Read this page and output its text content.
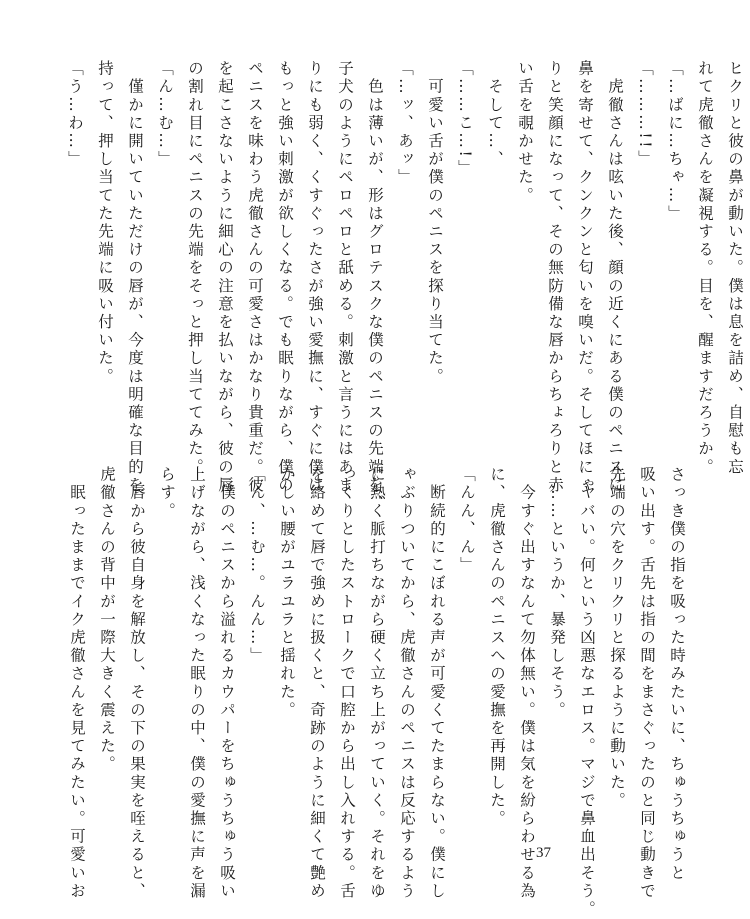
ヒクリと彼の鼻が動いた。僕は息を詰め、自慰も忘
れて虎徹さんを凝視する。目を、醒ますだろうか。
「…ばに…ちゃ…」
「………!!」
　虎徹さんは呟いた後、顔の近くにある僕のペニスに
鼻を寄せて、クンクンと匂いを嗅いだ。そしてほにゃ
りと笑顔になって、その無防備な唇からちょろりと赤
い舌を覗かせた。
　そして…、
「……こ…!」
　可愛い舌が僕のペニスを探り当てた。
「…ッ、あッ」
　色は薄いが、形はグロテスクな僕のペニスの先端を、
子犬のようにペロペロと舐める。刺激と言うにはあま
りにも弱く、くすぐったさが強い愛撫に、すぐに僕は
もっと強い刺激が欲しくなる。でも眠りながら、僕の
ペニスを味わう虎徹さんの可愛さはかなり貴重だ。彼
を起こさないように細心の注意を払いながら、彼の唇
の割れ目にペニスの先端をそっと押し当ててみた。
「ん…む…」
　僅かに開いていただけの唇が、今度は明確な目的を
持って、押し当てた先端に吸い付いた。
「う…わ…」
さっき僕の指を吸った時みたいに、ちゅうちゅうと
吸い出す。舌先は指の間をまさぐったのと同じ動きで
先端の穴をクリクリと探るように動いた。
　ヤバい。何という凶悪なエロス。マジで鼻血出そう。
　……というか、暴発しそう。
　今すぐ出すなんて勿体無い。僕は気を紛らわせる為
に、虎徹さんのペニスへの愛撫を再開した。
「んん、ん」
　断続的にこぼれる声が可愛くてたまらない。僕にし
ゃぶりついてから、虎徹さんのペニスは反応するよう
に熱く脈打ちながら硬く立ち上がっていく。それをゆ
っくりとしたストロークで口腔から出し入れする。舌
を絡めて唇で強めに扱くと、奇跡のように細くて艶め
かしい腰がユラユラと揺れた。
「ん、…む…。んん…」
　僕のペニスから溢れるカウパーをちゅうちゅう吸い
上げながら、浅くなった眠りの中、僕の愛撫に声を漏
らす。
　唇から彼自身を解放し、その下の果実を咥えると、
虎徹さんの背中が一際大きく震えた。
　眠ったままでイク虎徹さんを見てみたい。可愛いお	37
